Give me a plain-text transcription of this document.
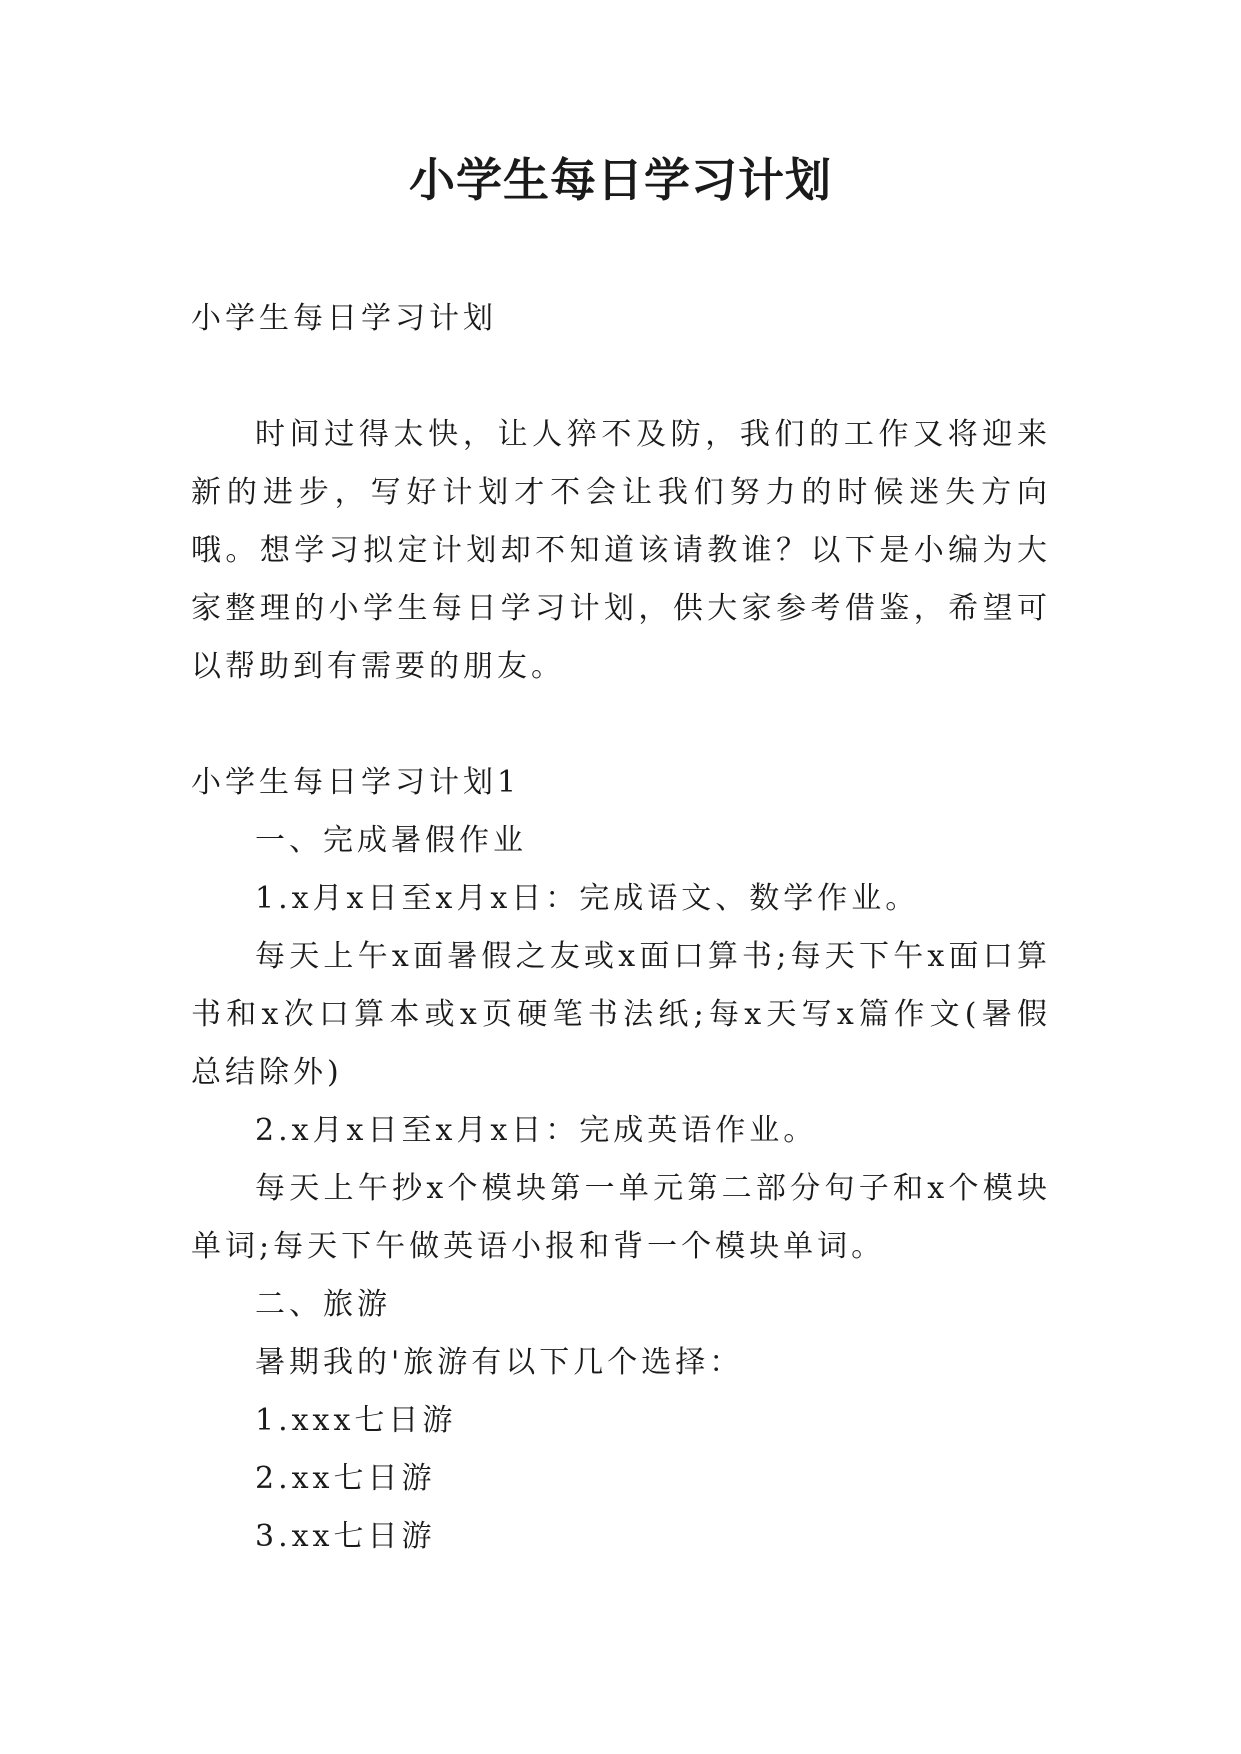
小学生每日学习计划

小学生每日学习计划

时间过得太快，让人猝不及防，我们的工作又将迎来新的进步，写好计划才不会让我们努力的时候迷失方向哦。想学习拟定计划却不知道该请教谁？以下是小编为大家整理的小学生每日学习计划，供大家参考借鉴，希望可以帮助到有需要的朋友。

小学生每日学习计划1

一、完成暑假作业

1.x月x日至x月x日：完成语文、数学作业。

每天上午x面暑假之友或x面口算书;每天下午x面口算书和x次口算本或x页硬笔书法纸;每x天写x篇作文(暑假总结除外)

2.x月x日至x月x日：完成英语作业。

每天上午抄x个模块第一单元第二部分句子和x个模块单词;每天下午做英语小报和背一个模块单词。

二、旅游

暑期我的'旅游有以下几个选择：

1.xxx七日游

2.xx七日游

3.xx七日游
